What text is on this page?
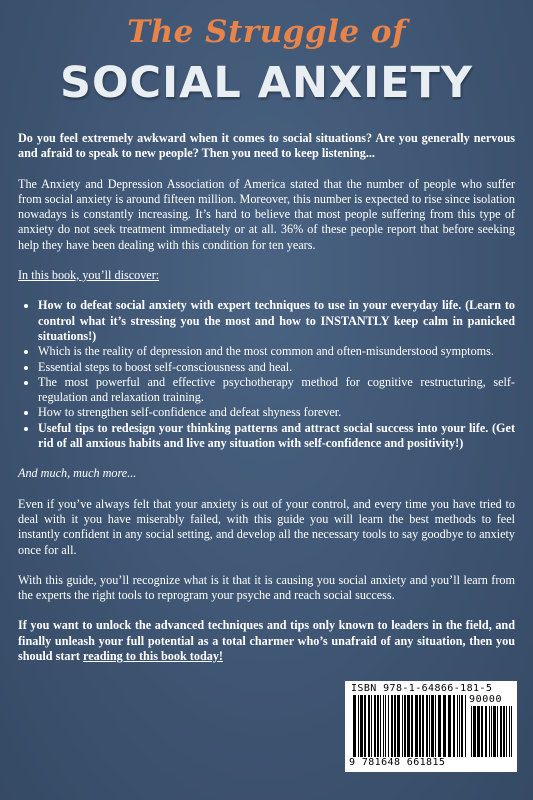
The Struggle of
SOCIAL ANXIETY

Do you feel extremely awkward when it comes to social situations? Are you generally nervous and afraid to speak to new people? Then you need to keep listening...

The Anxiety and Depression Association of America stated that the number of people who suffer from social anxiety is around fifteen million. Moreover, this number is expected to rise since isolation nowadays is constantly increasing. It’s hard to believe that most people suffering from this type of anxiety do not seek treatment immediately or at all. 36% of these people report that before seeking help they have been dealing with this condition for ten years.

In this book, you’ll discover:

• How to defeat social anxiety with expert techniques to use in your everyday life. (Learn to control what it’s stressing you the most and how to INSTANTLY keep calm in panicked situations!)
• Which is the reality of depression and the most common and often-misunderstood symptoms.
• Essential steps to boost self-consciousness and heal.
• The most powerful and effective psychotherapy method for cognitive restructuring, self-regulation and relaxation training.
• How to strengthen self-confidence and defeat shyness forever.
• Useful tips to redesign your thinking patterns and attract social success into your life. (Get rid of all anxious habits and live any situation with self-confidence and positivity!)

And much, much more...

Even if you’ve always felt that your anxiety is out of your control, and every time you have tried to deal with it you have miserably failed, with this guide you will learn the best methods to feel instantly confident in any social setting, and develop all the necessary tools to say goodbye to anxiety once for all.

With this guide, you’ll recognize what is it that it is causing you social anxiety and you’ll learn from the experts the right tools to reprogram your psyche and reach social success.

If you want to unlock the advanced techniques and tips only known to leaders in the field, and finally unleash your full potential as a total charmer who’s unafraid of any situation, then you should start reading to this book today!

ISBN 978-1-64866-181-5
90000
9 781648 661815
